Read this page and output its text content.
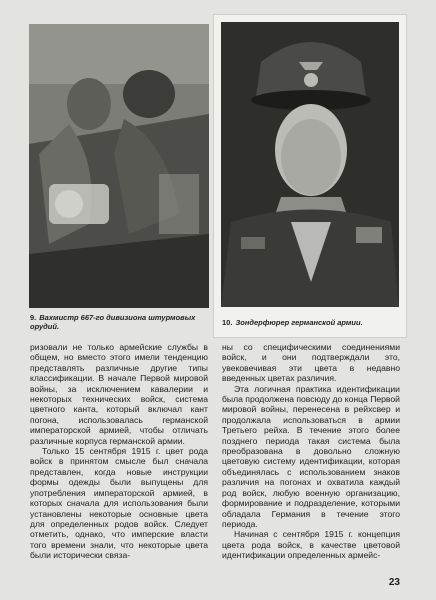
9. Вахмистр 667-го дивизиона штурмовых орудий.	10. Зондерфюрер германской армии.

ризовали не только армейские службы в общем, но вместо этого имели тенденцию представлять различные другие типы классификации. В начале Первой мировой войны, за исключением кавалерии и некоторых технических войск, система цветного канта, который включал кант погона, использовалась германской императорской армией, чтобы отличать различные корпуса германской армии.

Только 15 сентября 1915 г. цвет рода войск в принятом смысле был сначала представлен, когда новые инструкции формы одежды были выпущены для употребления императорской армией, в которых сначала для использования были установлены некоторые основные цвета для определенных родов войск. Следует отметить, однако, что имперские власти того времени знали, что некоторые цвета были исторически связа-

ны со специфическими соединениями войск, и они подтверждали это, увековечивая эти цвета в недавно введенных цветах различия.

Эта логичная практика идентификации была продолжена повсюду до конца Первой мировой войны, перенесена в рейхсвер и продолжала использоваться в армии Третьего рейха. В течение этого более позднего периода такая система была преобразована в довольно сложную цветовую систему идентификации, которая объединялась с использованием знаков различия на погонах и охватила каждый род войск, любую военную организацию, формирование и подразделение, которыми обладала Германия в течение этого периода.

Начиная с сентября 1915 г. концепция цвета рода войск, в качестве цветовой идентификации определенных армейс-

23
